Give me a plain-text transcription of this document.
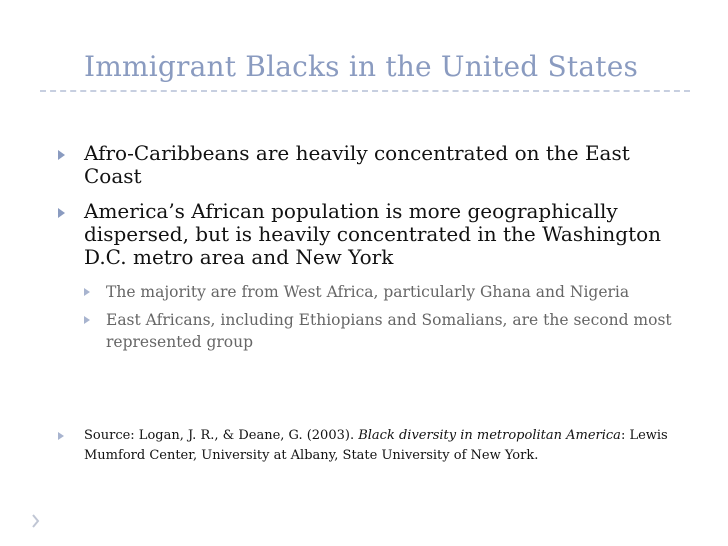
Immigrant Blacks in the United States
Afro-Caribbeans are heavily concentrated on the East Coast
America’s African population is more geographically dispersed, but is heavily concentrated in the Washington D.C. metro area and New York
The majority are from West Africa, particularly Ghana and Nigeria
East Africans, including Ethiopians and Somalians, are the second most represented group
Source: Logan, J. R., & Deane, G. (2003). Black diversity in metropolitan America: Lewis Mumford Center, University at Albany, State University of New York.
